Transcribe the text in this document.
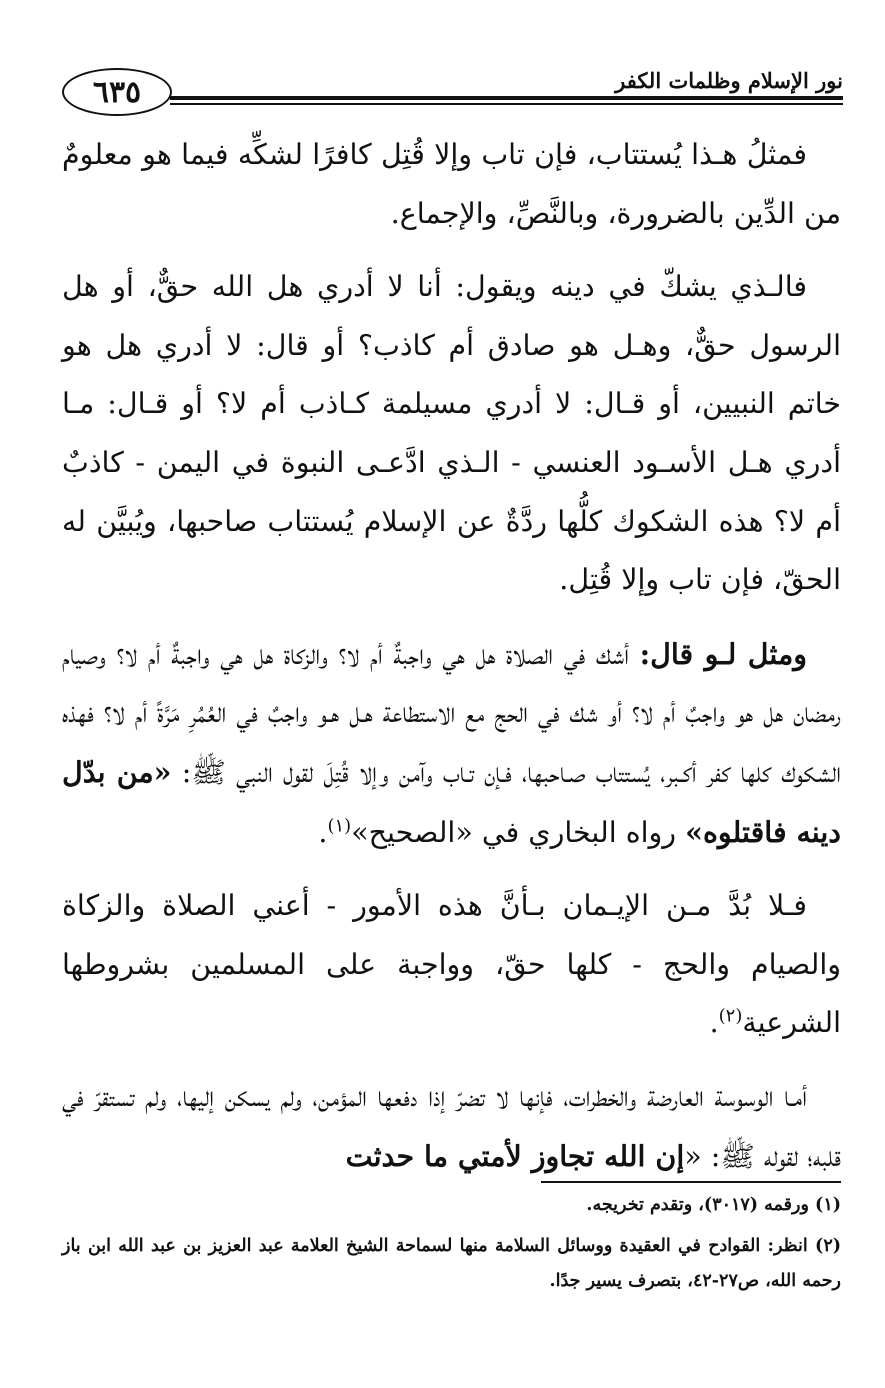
٦٣٥	نور الإسلام وظلمات الكفر

فمثلُ هـذا يُستتاب، فإن تاب وإلا قُتِل كافرًا لشكِّه فيما هو معلومٌ من الدِّين بالضرورة، وبالنَّصِّ، والإجماع.

فالـذي يشكّ في دينه ويقول: أنا لا أدري هل الله حقٌّ، أو هل الرسول حقٌّ، وهـل هو صادق أم كاذب؟ أو قال: لا أدري هل هو خاتم النبيين، أو قـال: لا أدري مسيلمة كـاذب أم لا؟ أو قـال: مـا أدري هـل الأسـود العنسي - الـذي ادَّعـى النبوة في اليمن - كاذبٌ أم لا؟ هذه الشكوك كلُّها ردَّةٌ عن الإسلام يُستتاب صاحبها، ويُبيَّن له الحقّ، فإن تاب وإلا قُتِل.

ومثل لـو قال: أشك في الصلاة هل هي واجبةٌ أم لا؟ والزكاة هل هي واجبةٌ أم لا؟ وصيام رمضان هل هو واجبٌ أم لا؟ أو شك في الحج مع الاستطاعة هـل هـو واجبٌ في العُمُرِ مَرَّةً أم لا؟ فهذه الشكوك كلها كفر أكـبر، يُستتاب صـاحبها، فـإن تـاب وآمن وإلا قُتِلَ لقول النبي ﷺ: «من بدّل دينه فاقتلوه» رواه البخاري في «الصحيح»$^{(١)}$.

فـلا بُدَّ مـن الإيـمان بـأنَّ هذه الأمور - أعني الصلاة والزكاة والصيام والحج - كلها حقّ، وواجبة على المسلمين بشروطها الشرعية$^{(٢)}$.

أمـا الوسوسة العارضة والخطرات، فإنها لا تضرّ إذا دفعها المؤمن، ولم يسكن إليها، ولم تستقرّ في قلبه؛ لقوله ﷺ: «إن الله تجاوز لأمتي ما حدثت

(١) ورقمه (٣٠١٧)، وتقدم تخريجه.

(٢) انظر: القوادح في العقيدة ووسائل السلامة منها لسماحة الشيخ العلامة عبد العزيز بن عبد الله ابن باز رحمه الله، ص٢٧-٤٢، بتصرف يسير جدًا.
